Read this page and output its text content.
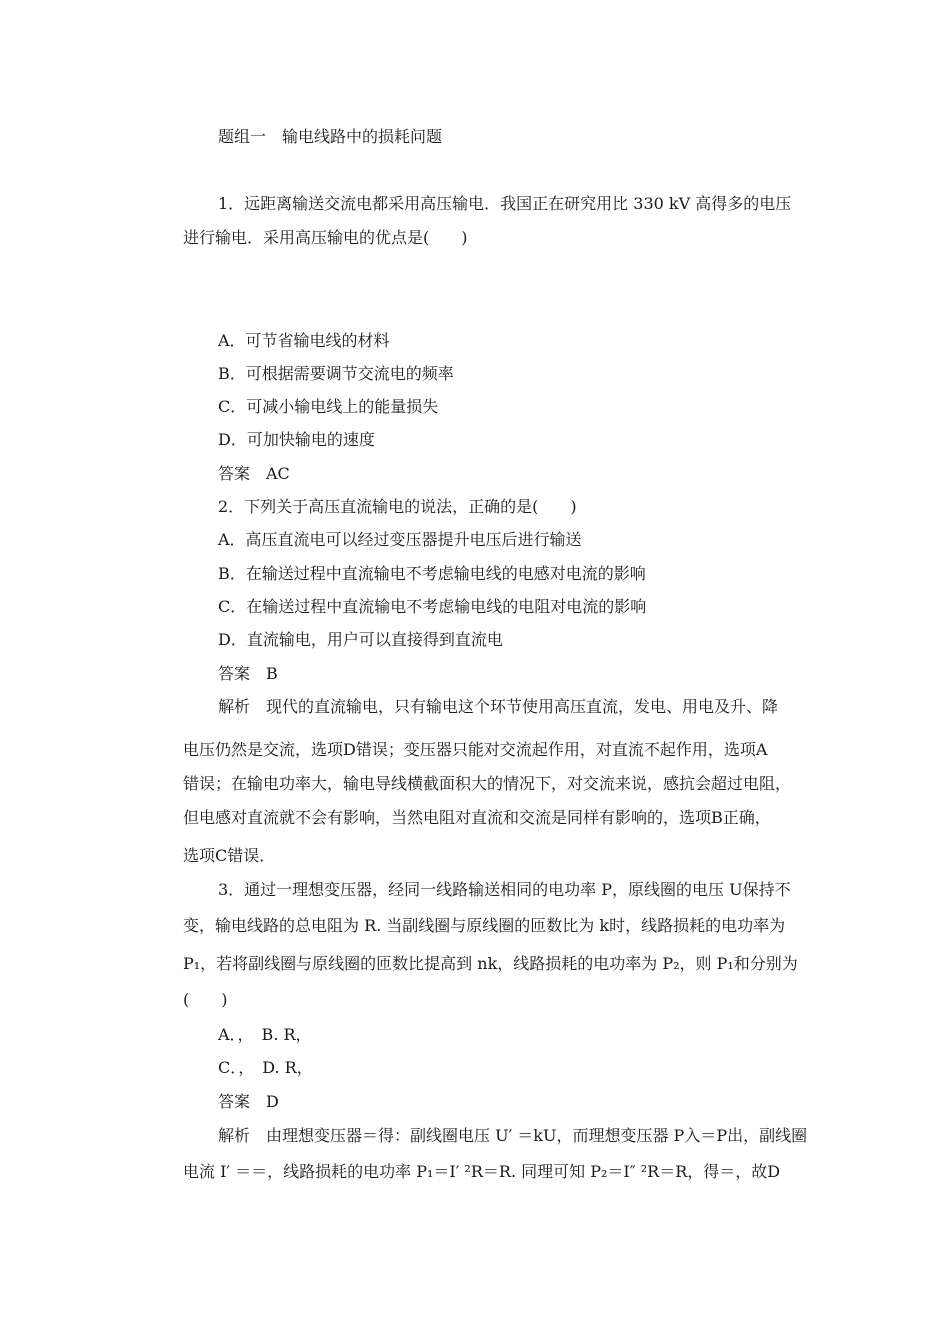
题组一　输电线路中的损耗问题
1．远距离输送交流电都采用高压输电．我国正在研究用比 330 kV 高得多的电压
进行输电．采用高压输电的优点是(　　)
A．可节省输电线的材料
B．可根据需要调节交流电的频率
C．可减小输电线上的能量损失
D．可加快输电的速度
答案　AC
2．下列关于高压直流输电的说法，正确的是(　　)
A．高压直流电可以经过变压器提升电压后进行输送
B．在输送过程中直流输电不考虑输电线的电感对电流的影响
C．在输送过程中直流输电不考虑输电线的电阻对电流的影响
D．直流输电，用户可以直接得到直流电
答案　B
解析　现代的直流输电，只有输电这个环节使用高压直流，发电、用电及升、降
电压仍然是交流，选项D错误；变压器只能对交流起作用，对直流不起作用，选项A
错误；在输电功率大，输电导线横截面积大的情况下，对交流来说，感抗会超过电阻，
但电感对直流就不会有影响，当然电阻对直流和交流是同样有影响的，选项B正确，
选项C错误．
3．通过一理想变压器，经同一线路输送相同的电功率 P，原线圈的电压 U保持不
变，输电线路的总电阻为 R. 当副线圈与原线圈的匝数比为 k时，线路损耗的电功率为
P₁，若将副线圈与原线圈的匝数比提高到 nk，线路损耗的电功率为 P₂，则 P₁和分别为
(　　)
A．，　B. R，
C．，　D. R，
答案　D
解析　由理想变压器＝得：副线圈电压 U′ ＝kU，而理想变压器 P入＝P出，副线圈
电流 I′ ＝＝，线路损耗的电功率 P₁＝I′ ²R＝R. 同理可知 P₂＝I″ ²R＝R，得＝，故D
